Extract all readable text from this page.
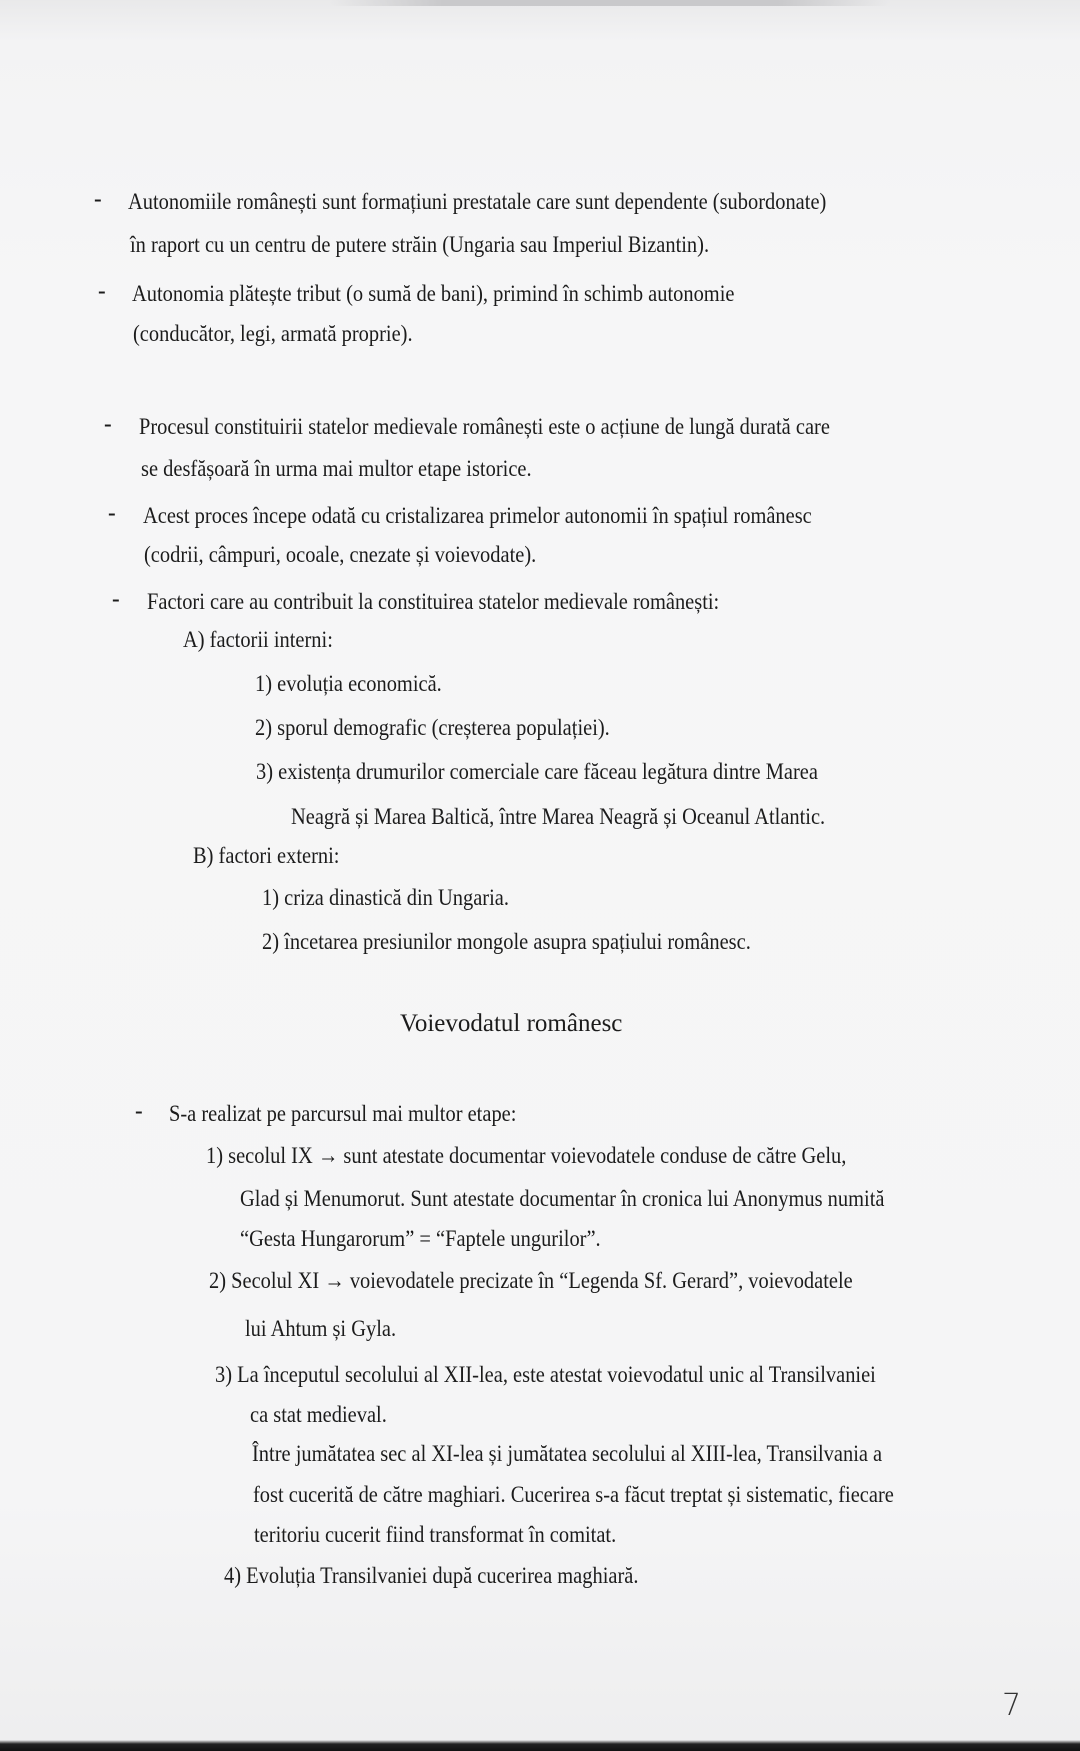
- Autonomiile românești sunt formațiuni prestatale care sunt dependente (subordonate)
în raport cu un centru de putere străin (Ungaria sau Imperiul Bizantin).
- Autonomia plătește tribut (o sumă de bani), primind în schimb autonomie
(conducător, legi, armată proprie).
- Procesul constituirii statelor medievale românești este o acțiune de lungă durată care
se desfășoară în urma mai multor etape istorice.
- Acest proces începe odată cu cristalizarea primelor autonomii în spațiul românesc
(codrii, câmpuri, ocoale, cnezate și voievodate).
- Factori care au contribuit la constituirea statelor medievale românești:
A) factorii interni:
1) evoluția economică.
2) sporul demografic (creșterea populației).
3) existența drumurilor comerciale care făceau legătura dintre Marea
Neagră și Marea Baltică, între Marea Neagră și Oceanul Atlantic.
B) factori externi:
1) criza dinastică din Ungaria.
2) încetarea presiunilor mongole asupra spațiului românesc.
Voievodatul românesc
- S-a realizat pe parcursul mai multor etape:
1) secolul IX → sunt atestate documentar voievodatele conduse de către Gelu,
Glad și Menumorut. Sunt atestate documentar în cronica lui Anonymus numită
“Gesta Hungarorum” = “Faptele ungurilor”.
2) Secolul XI → voievodatele precizate în “Legenda Sf. Gerard”, voievodatele
lui Ahtum și Gyla.
3) La începutul secolului al XII-lea, este atestat voievodatul unic al Transilvaniei
ca stat medieval.
Între jumătatea sec al XI-lea și jumătatea secolului al XIII-lea, Transilvania a
fost cucerită de către maghiari. Cucerirea s-a făcut treptat și sistematic, fiecare
teritoriu cucerit fiind transformat în comitat.
4) Evoluția Transilvaniei după cucerirea maghiară.
7
